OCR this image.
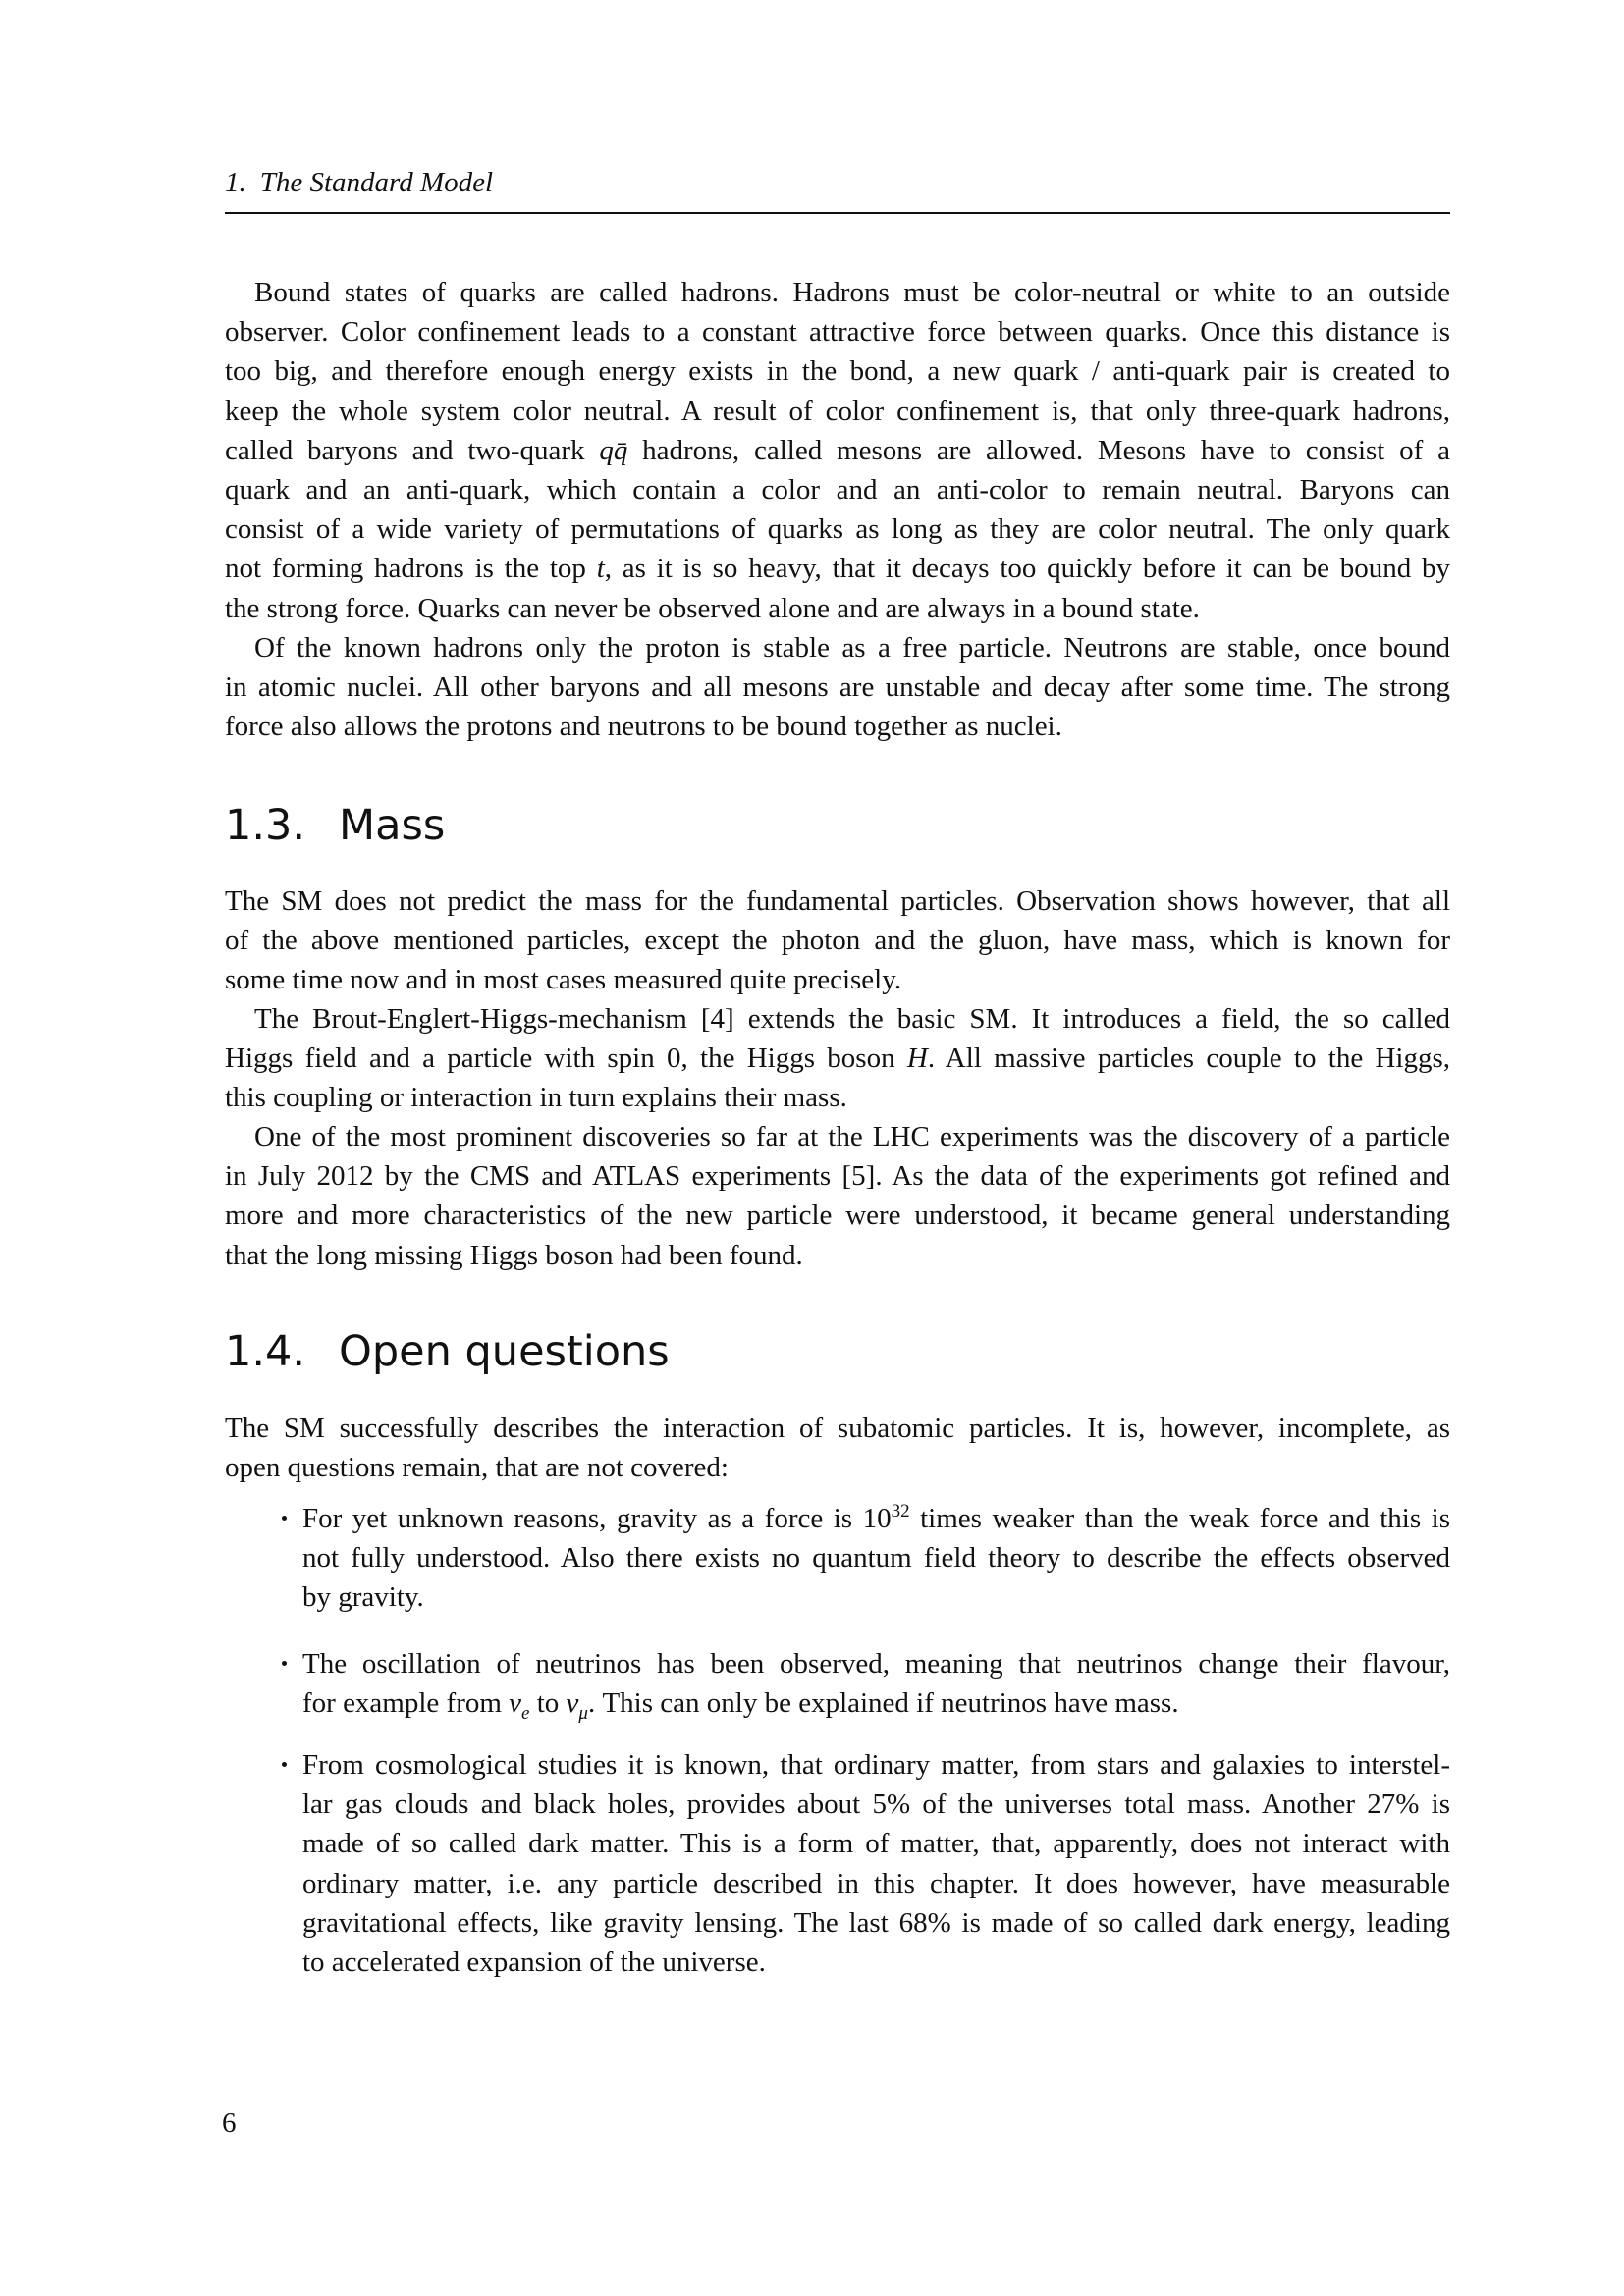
1. The Standard Model
Bound states of quarks are called hadrons. Hadrons must be color-neutral or white to an outside
observer. Color confinement leads to a constant attractive force between quarks. Once this distance is
too big, and therefore enough energy exists in the bond, a new quark / anti-quark pair is created to
keep the whole system color neutral. A result of color confinement is, that only three-quark hadrons,
called baryons and two-quark qq̄ hadrons, called mesons are allowed. Mesons have to consist of a
quark and an anti-quark, which contain a color and an anti-color to remain neutral. Baryons can
consist of a wide variety of permutations of quarks as long as they are color neutral. The only quark
not forming hadrons is the top t, as it is so heavy, that it decays too quickly before it can be bound by
the strong force. Quarks can never be observed alone and are always in a bound state.
Of the known hadrons only the proton is stable as a free particle. Neutrons are stable, once bound
in atomic nuclei. All other baryons and all mesons are unstable and decay after some time. The strong
force also allows the protons and neutrons to be bound together as nuclei.
The SM does not predict the mass for the fundamental particles. Observation shows however, that all
of the above mentioned particles, except the photon and the gluon, have mass, which is known for
some time now and in most cases measured quite precisely.
The Brout-Englert-Higgs-mechanism [4] extends the basic SM. It introduces a field, the so called
Higgs field and a particle with spin 0, the Higgs boson H. All massive particles couple to the Higgs,
this coupling or interaction in turn explains their mass.
One of the most prominent discoveries so far at the LHC experiments was the discovery of a particle
in July 2012 by the CMS and ATLAS experiments [5]. As the data of the experiments got refined and
more and more characteristics of the new particle were understood, it became general understanding
that the long missing Higgs boson had been found.
The SM successfully describes the interaction of subatomic particles. It is, however, incomplete, as
open questions remain, that are not covered:
For yet unknown reasons, gravity as a force is $10^{32}$ times weaker than the weak force and this is
not fully understood. Also there exists no quantum field theory to describe the effects observed
by gravity.
The oscillation of neutrinos has been observed, meaning that neutrinos change their flavour,
for example from $\nu_e$ to $\nu_\mu$. This can only be explained if neutrinos have mass.
From cosmological studies it is known, that ordinary matter, from stars and galaxies to interstel-
lar gas clouds and black holes, provides about 5% of the universes total mass. Another 27% is
made of so called dark matter. This is a form of matter, that, apparently, does not interact with
ordinary matter, i.e. any particle described in this chapter. It does however, have measurable
gravitational effects, like gravity lensing. The last 68% is made of so called dark energy, leading
to accelerated expansion of the universe.
1.3. Mass
1.4. Open questions
6
